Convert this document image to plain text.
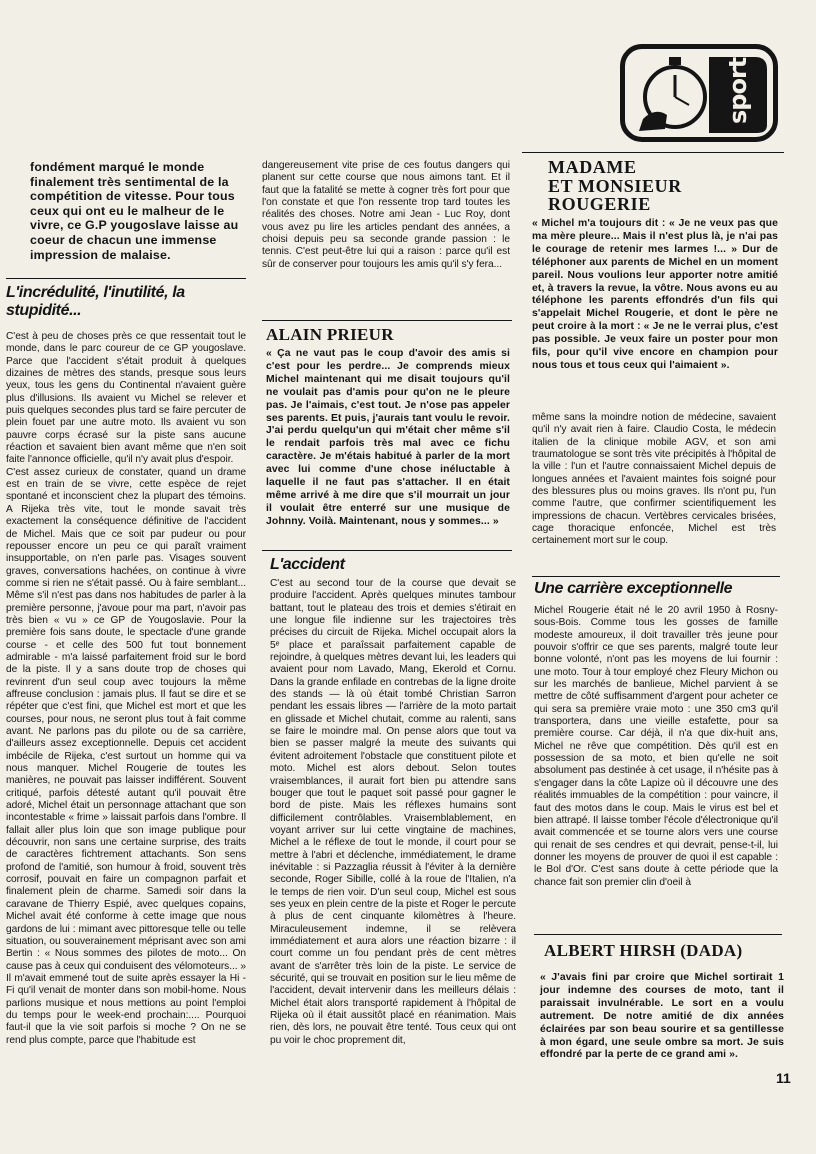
sport
fondément marqué le monde finalement très sentimental de la compétition de vitesse. Pour tous ceux qui ont eu le malheur de le vivre, ce G.P yougoslave laisse au coeur de chacun une immense impression de malaise.
L'incrédulité, l'inutilité, la stupidité...

C'est à peu de choses près ce que ressentait tout le monde, dans le parc coureur de ce GP yougoslave. Parce que l'accident s'était produit à quelques dizaines de mètres des stands, presque sous leurs yeux, tous les gens du Continental n'avaient guère plus d'illusions. Ils avaient vu Michel se relever et puis quelques secondes plus tard se faire percuter de plein fouet par une autre moto. Ils avaient vu son pauvre corps écrasé sur la piste sans aucune réaction et savaient bien avant même que n'en soit faite l'annonce officielle, qu'il n'y avait plus d'espoir.

C'est assez curieux de constater, quand un drame est en train de se vivre, cette espèce de rejet spontané et inconscient chez la plupart des témoins. A Rijeka très vite, tout le monde savait très exactement la conséquence définitive de l'accident de Michel. Mais que ce soit par pudeur ou pour repousser encore un peu ce qui paraît vraiment insupportable, on n'en parle pas. Visages souvent graves, conversations hachées, on continue à vivre comme si rien ne s'était passé. Ou à faire semblant... Même s'il n'est pas dans nos habitudes de parler à la première personne, j'avoue pour ma part, n'avoir pas très bien « vu » ce GP de Yougoslavie. Pour la première fois sans doute, le spectacle d'une grande course - et celle des 500 fut tout bonnement admirable - m'a laissé parfaitement froid sur le bord de la piste. Il y a sans doute trop de choses qui revinrent d'un seul coup avec toujours la même affreuse conclusion : jamais plus. Il faut se dire et se répéter que c'est fini, que Michel est mort et que les courses, pour nous, ne seront plus tout à fait comme avant. Ne parlons pas du pilote ou de sa carrière, d'ailleurs assez exceptionnelle. Depuis cet accident imbécile de Rijeka, c'est surtout un homme qui va nous manquer. Michel Rougerie de toutes les manières, ne pouvait pas laisser indifférent. Souvent critiqué, parfois détesté autant qu'il pouvait être adoré, Michel était un personnage attachant que son incontestable « frime » laissait parfois dans l'ombre. Il fallait aller plus loin que son image publique pour découvrir, non sans une certaine surprise, des traits de caractères fichtrement attachants. Son sens profond de l'amitié, son humour à froid, souvent très corrosif, pouvait en faire un compagnon parfait et finalement plein de charme. Samedi soir dans la caravane de Thierry Espié, avec quelques copains, Michel avait été conforme à cette image que nous gardons de lui : mimant avec pittoresque telle ou telle situation, ou souverainement méprisant avec son ami Bertin : « Nous sommes des pilotes de moto... On cause pas à ceux qui conduisent des vélomoteurs... » Il m'avait emmené tout de suite après essayer la Hi - Fi qu'il venait de monter dans son mobil-home. Nous parlions musique et nous mettions au point l'emploi du temps pour le week-end prochain:.... Pourquoi faut-il que la vie soit parfois si moche ? On ne se rend plus compte, parce que l'habitude est

dangereusement vite prise de ces foutus dangers qui planent sur cette course que nous aimons tant. Et il faut que la fatalité se mette à cogner très fort pour que l'on constate et que l'on ressente trop tard toutes les réalités des choses. Notre ami Jean - Luc Roy, dont vous avez pu lire les articles pendant des années, a choisi depuis peu sa seconde grande passion : le tennis. C'est peut-être lui qui a raison : parce qu'il est sûr de conserver pour toujours les amis qu'il s'y fera...
ALAIN PRIEUR
« Ça ne vaut pas le coup d'avoir des amis si c'est pour les perdre... Je comprends mieux Michel maintenant qui me disait toujours qu'il ne voulait pas d'amis pour qu'on ne le pleure pas. Je l'aimais, c'est tout. Je n'ose pas appeler ses parents. Et puis, j'aurais tant voulu le revoir. J'ai perdu quelqu'un qui m'était cher même s'il le rendait parfois très mal avec ce fichu caractère. Je m'étais habitué à parler de la mort avec lui comme d'une chose inéluctable à laquelle il ne faut pas s'attacher. Il en était même arrivé à me dire que s'il mourrait un jour il voulait être enterré sur une musique de Johnny. Voilà. Maintenant, nous y sommes... »
L'accident
C'est au second tour de la course que devait se produire l'accident. Après quelques minutes tambour battant, tout le plateau des trois et demies s'étirait en une longue file indienne sur les trajectoires très précises du circuit de Rijeka. Michel occupait alors la 5ᵉ place et paraîssait parfaitement capable de rejoindre, à quelques mètres devant lui, les leaders qui avaient pour nom Lavado, Mang, Ekerold et Cornu. Dans la grande enfilade en contrebas de la ligne droite des stands — là où était tombé Christian Sarron pendant les essais libres — l'arrière de la moto partait en glissade et Michel chutait, comme au ralenti, sans se faire le moindre mal. On pense alors que tout va bien se passer malgré la meute des suivants qui évitent adroitement l'obstacle que constituent pilote et moto. Michel est alors debout. Selon toutes vraisemblances, il aurait fort bien pu attendre sans bouger que tout le paquet soit passé pour gagner le bord de piste. Mais les réflexes humains sont difficilement contrôlables. Vraisemblablement, en voyant arriver sur lui cette vingtaine de machines, Michel a le réflexe de tout le monde, il court pour se mettre à l'abri et déclenche, immédiatement, le drame inévitable : si Pazzaglia réussit à l'éviter à la dernière seconde, Roger Sibille, collé à la roue de l'Italien, n'a le temps de rien voir. D'un seul coup, Michel est sous ses yeux en plein centre de la piste et Roger le percute à plus de cent cinquante kilomètres à l'heure. Miraculeusement indemne, il se relèvera immédiatement et aura alors une réaction bizarre : il court comme un fou pendant près de cent mètres avant de s'arrêter très loin de la piste. Le service de sécurité, qui se trouvait en position sur le lieu même de l'accident, devait intervenir dans les meilleurs délais : Michel était alors transporté rapidement à l'hôpital de Rijeka où il était aussitôt placé en réanimation. Mais rien, dès lors, ne pouvait être tenté. Tous ceux qui ont pu voir le choc proprement dit,
MADAME
ET MONSIEUR
ROUGERIE
« Michel m'a toujours dit : « Je ne veux pas que ma mère pleure... Mais il n'est plus là, je n'ai pas le courage de retenir mes larmes !... » Dur de téléphoner aux parents de Michel en un moment pareil. Nous voulions leur apporter notre amitié et, à travers la revue, la vôtre. Nous avons eu au téléphone les parents effondrés d'un fils qui s'appelait Michel Rougerie, et dont le père ne peut croire à la mort : « Je ne le verrai plus, c'est pas possible. Je veux faire un poster pour mon fils, pour qu'il vive encore en champion pour nous tous et tous ceux qui l'aimaient ».
même sans la moindre notion de médecine, savaient qu'il n'y avait rien à faire. Claudio Costa, le médecin italien de la clinique mobile AGV, et son ami traumatologue se sont très vite précipités à l'hôpital de la ville : l'un et l'autre connaissaient Michel depuis de longues années et l'avaient maintes fois soigné pour des blessures plus ou moins graves. Ils n'ont pu, l'un comme l'autre, que confirmer scientifiquement les impressions de chacun. Vertèbres cervicales brisées, cage thoracique enfoncée, Michel est très certainement mort sur le coup.
Une carrière exceptionnelle
Michel Rougerie était né le 20 avril 1950 à Rosny-sous-Bois. Comme tous les gosses de famille modeste amoureux, il doit travailler très jeune pour pouvoir s'offrir ce que ses parents, malgré toute leur bonne volonté, n'ont pas les moyens de lui fournir : une moto. Tour à tour employé chez Fleury Michon ou sur les marchés de banlieue, Michel parvient à se mettre de côté suffisamment d'argent pour acheter ce qui sera sa première vraie moto : une 350 cm3 qu'il transportera, dans une vieille estafette, pour sa première course. Car déjà, il n'a que dix-huit ans, Michel ne rêve que compétition. Dès qu'il est en possession de sa moto, et bien qu'elle ne soit absolument pas destinée à cet usage, il n'hésite pas à s'engager dans la côte Lapize où il découvre une des réalités immuables de la compétition : pour vaincre, il faut des motos dans le coup. Mais le virus est bel et bien attrapé. Il laisse tomber l'école d'électronique qu'il avait commencée et se tourne alors vers une course qui renait de ses cendres et qui devrait, pense-t-il, lui donner les moyens de prouver de quoi il est capable : le Bol d'Or. C'est sans doute à cette période que la chance fait son premier clin d'oeil à
ALBERT HIRSH (DADA)
« J'avais fini par croire que Michel sortirait 1 jour indemne des courses de moto, tant il paraissait invulnérable. Le sort en a voulu autrement. De notre amitié de dix années éclairées par son beau sourire et sa gentillesse à mon égard, une seule ombre sa mort. Je suis effondré par la perte de ce grand ami ».
11
